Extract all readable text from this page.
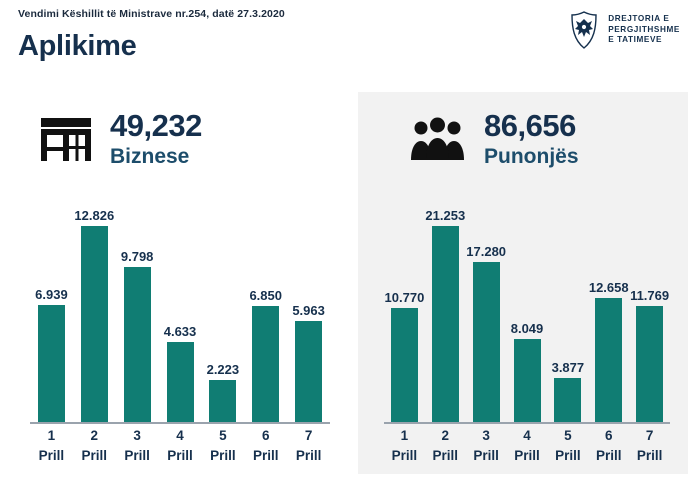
Vendimi Këshillit të Ministrave nr.254, datë 27.3.2020
Aplikime
DREJTORIA E
PERGJITHSHME
E TATIMEVE
49,232
Biznese
6.939
12.826
9.798
4.633
2.223
6.850
5.963
1
Prill
2
Prill
3
Prill
4
Prill
5
Prill
6
Prill
7
Prill
86,656
Punonjës
10.770
21.253
17.280
8.049
3.877
12.658
11.769
1
Prill
2
Prill
3
Prill
4
Prill
5
Prill
6
Prill
7
Prill
